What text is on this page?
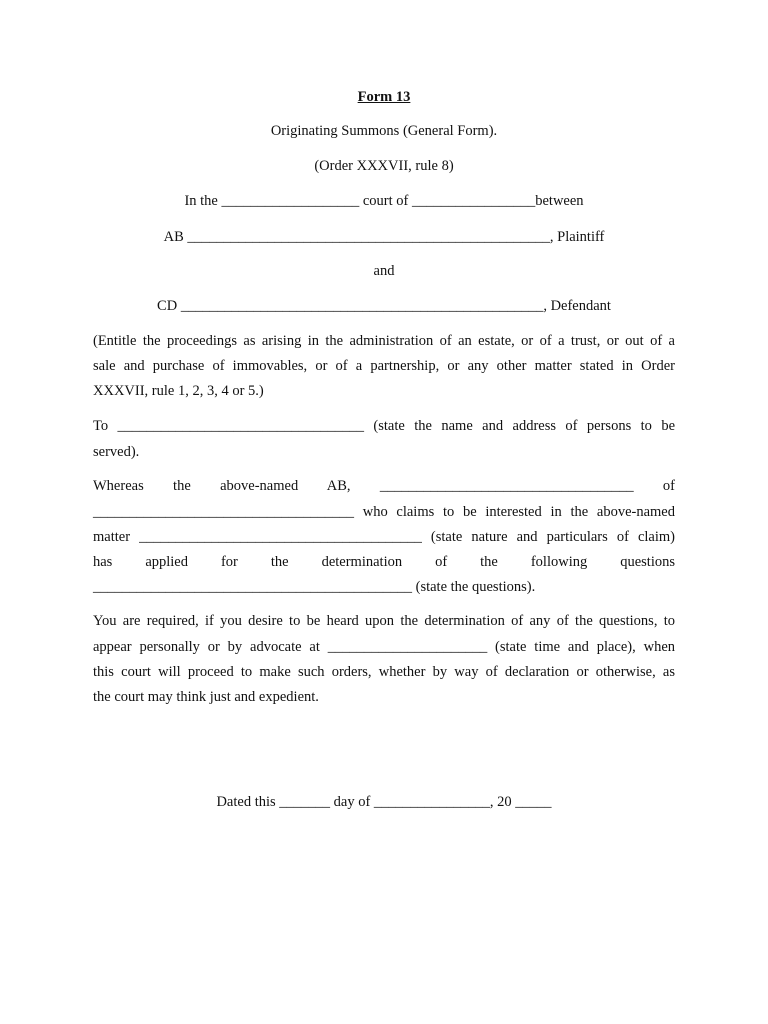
Form 13
Originating Summons (General Form).
(Order XXXVII, rule 8)
In the ___________________ court of _________________between
AB __________________________________________________, Plaintiff
and
CD __________________________________________________, Defendant
(Entitle the proceedings as arising in the administration of an estate, or of a trust, or out of a
sale and purchase of immovables, or of a partnership, or any other matter stated in Order
XXXVII, rule 1, 2, 3, 4 or 5.)
To __________________________________ (state the name and address of persons to be
served).
Whereas the above-named AB, ___________________________________ of
____________________________________ who claims to be interested in the above-named
matter _______________________________________ (state nature and particulars of claim)
has applied for the determination of the following questions
____________________________________________ (state the questions).
You are required, if you desire to be heard upon the determination of any of the questions, to
appear personally or by advocate at ______________________ (state time and place), when
this court will proceed to make such orders, whether by way of declaration or otherwise, as
the court may think just and expedient.
Dated this _______ day of ________________, 20 _____
